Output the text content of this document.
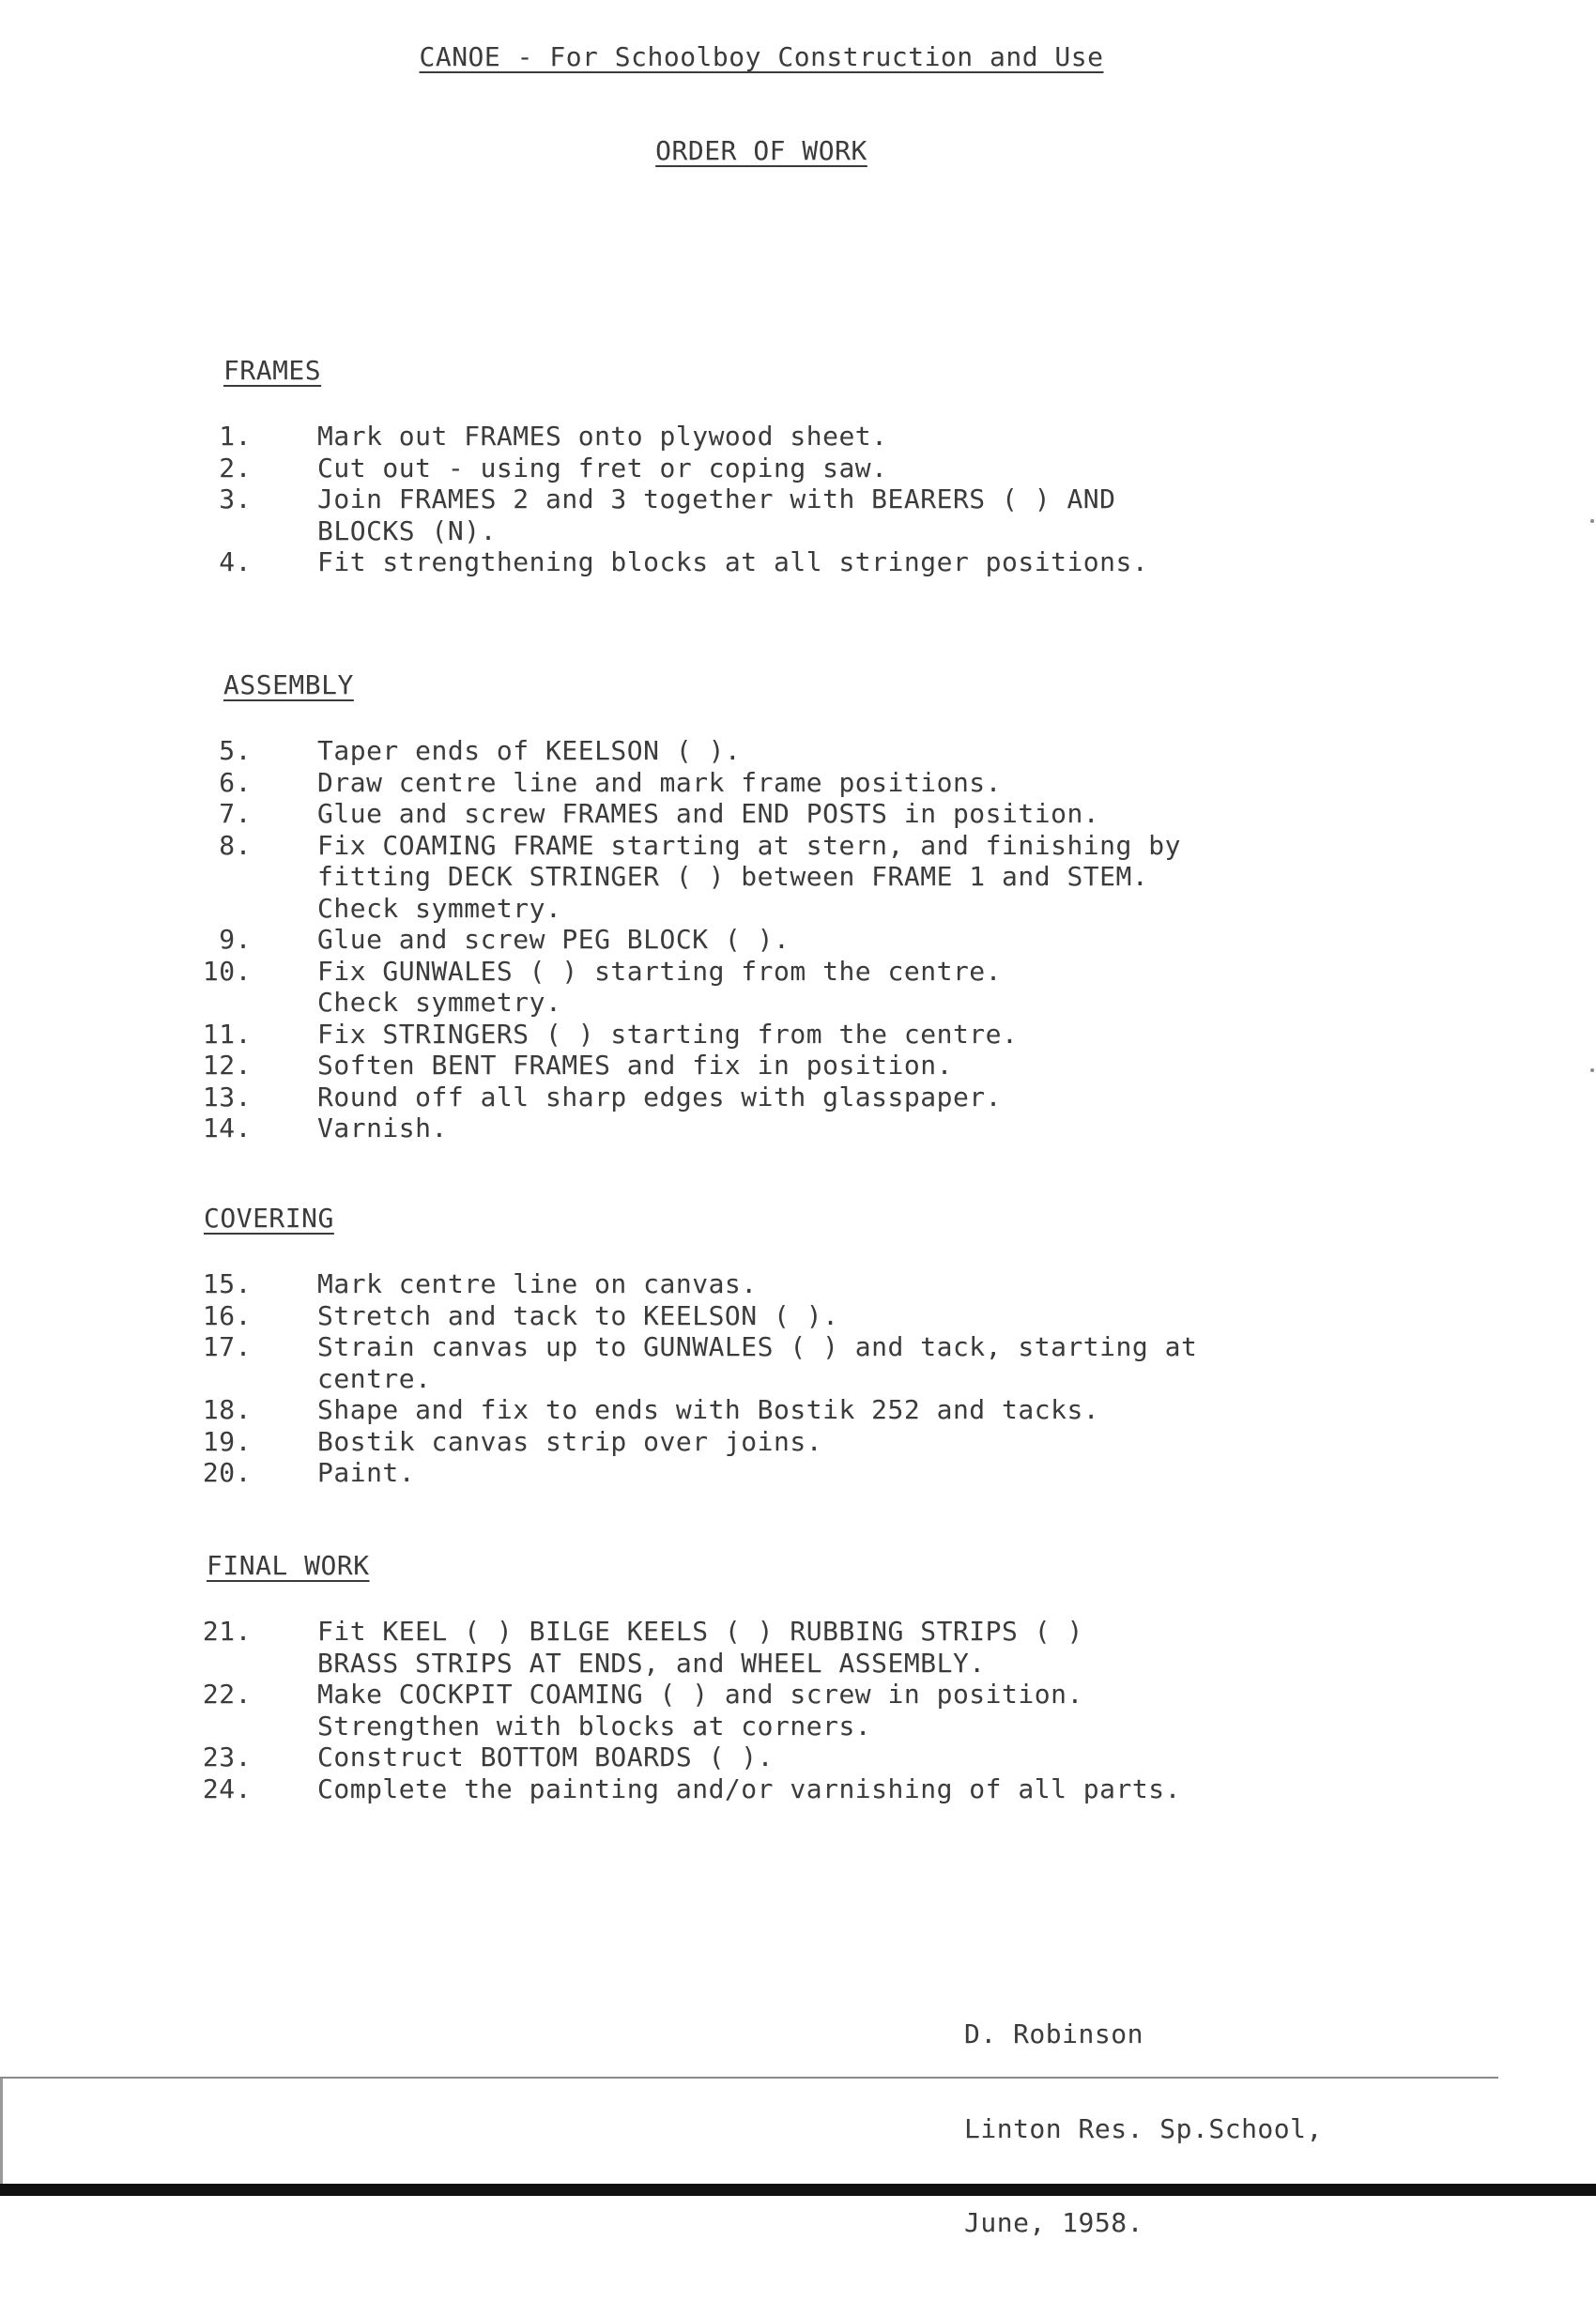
CANOE - For Schoolboy Construction and Use
ORDER OF WORK
FRAMES
1.	Mark out FRAMES onto plywood sheet.
2.	Cut out - using fret or coping saw.
3.	Join FRAMES 2 and 3 together with BEARERS ( ) AND
BLOCKS (N).
4.	Fit strengthening blocks at all stringer positions.
ASSEMBLY
5.	Taper ends of KEELSON ( ).
6.	Draw centre line and mark frame positions.
7.	Glue and screw FRAMES and END POSTS in position.
8.	Fix COAMING FRAME starting at stern, and finishing by
fitting DECK STRINGER ( ) between FRAME 1 and STEM.
Check symmetry.
9.	Glue and screw PEG BLOCK ( ).
10.	Fix GUNWALES ( ) starting from the centre.
Check symmetry.
11.	Fix STRINGERS ( ) starting from the centre.
12.	Soften BENT FRAMES and fix in position.
13.	Round off all sharp edges with glasspaper.
14.	Varnish.
COVERING
15.	Mark centre line on canvas.
16.	Stretch and tack to KEELSON ( ).
17.	Strain canvas up to GUNWALES ( ) and tack, starting at
centre.
18.	Shape and fix to ends with Bostik 252 and tacks.
19.	Bostik canvas strip over joins.
20.	Paint.
FINAL WORK
21.	Fit KEEL ( ) BILGE KEELS ( ) RUBBING STRIPS ( )
BRASS STRIPS AT ENDS, and WHEEL ASSEMBLY.
22.	Make COCKPIT COAMING ( ) and screw in position.
Strengthen with blocks at corners.
23.	Construct BOTTOM BOARDS ( ).
24.	Complete the painting and/or varnishing of all parts.

D. Robinson

Linton Res. Sp.School,

June, 1958.
